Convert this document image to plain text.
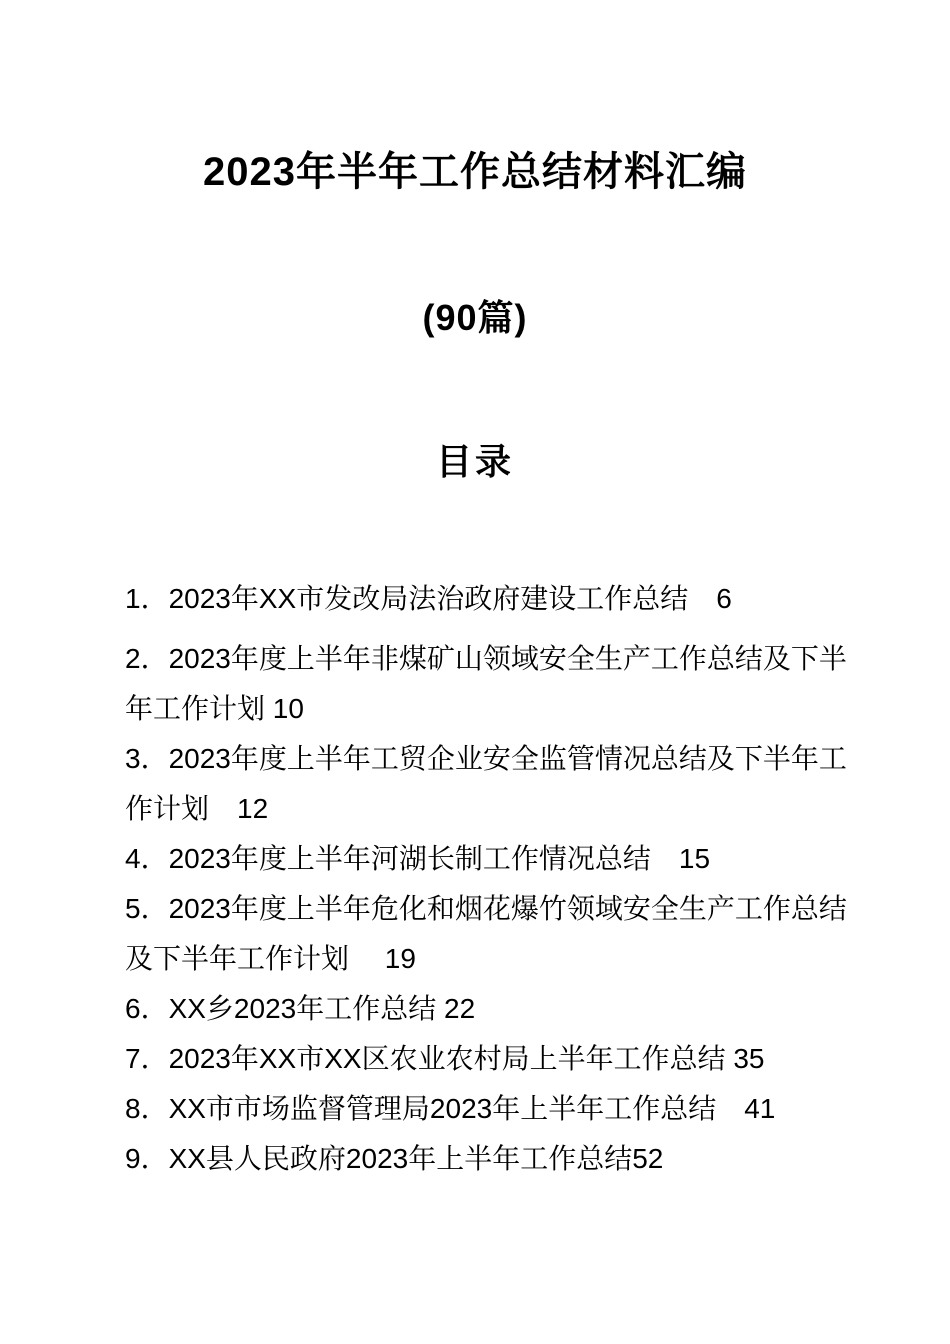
2023年半年工作总结材料汇编
(90篇)
目录

1．2023年XX市发改局法治政府建设工作总结　6

2．2023年度上半年非煤矿山领域安全生产工作总结及下半年工作计划 10

3．2023年度上半年工贸企业安全监管情况总结及下半年工作计划　12

4．2023年度上半年河湖长制工作情况总结　15

5．2023年度上半年危化和烟花爆竹领域安全生产工作总结及下半年工作计划　 19

6．XX乡2023年工作总结 22

7．2023年XX市XX区农业农村局上半年工作总结 35

8．XX市市场监督管理局2023年上半年工作总结　41

9．XX县人民政府2023年上半年工作总结52
